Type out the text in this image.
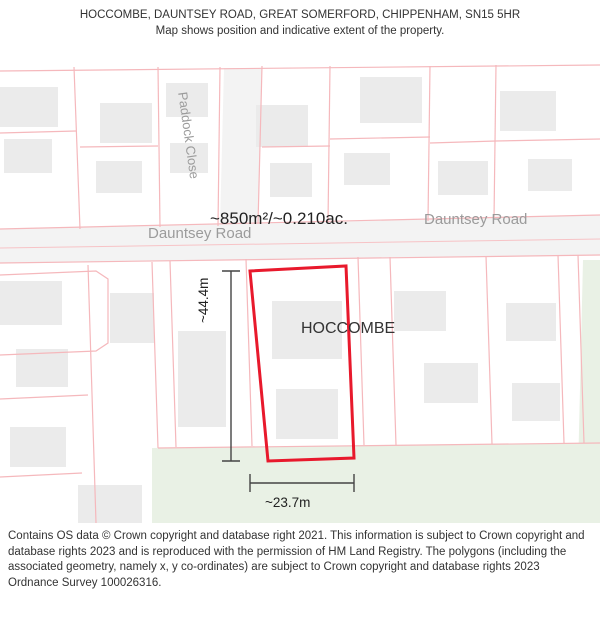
HOCCOMBE, DAUNTSEY ROAD, GREAT SOMERFORD, CHIPPENHAM, SN15 5HR
Map shows position and indicative extent of the property.
Dauntsey Road
Dauntsey Road
Paddock Close
~850m²/~0.210ac.
HOCCOMBE
~44.4m
~23.7m
Contains OS data © Crown copyright and database right 2021. This information is subject to Crown copyright and database rights 2023 and is reproduced with the permission of HM Land Registry. The polygons (including the associated geometry, namely x, y co-ordinates) are subject to Crown copyright and database rights 2023 Ordnance Survey 100026316.
